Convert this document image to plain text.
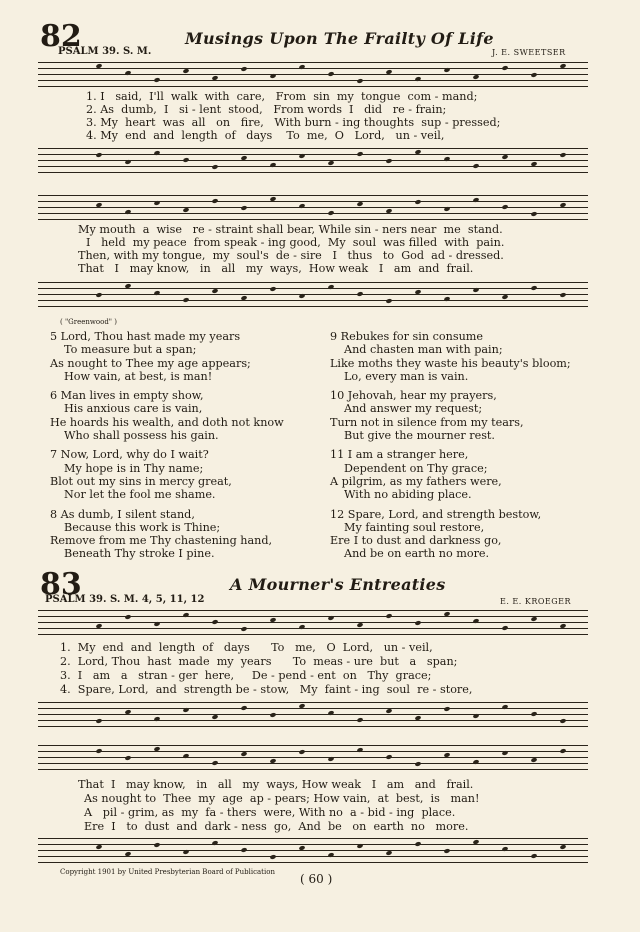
82	Musings Upon The Frailty Of Life
PSALM 39. S. M.	J. E. SWEETSER
1. I   said,  I'll  walk  with  care,   From  sin  my  tongue  com - mand;
2. As  dumb,  I   si - lent  stood,   From words  I   did   re - frain;
3. My  heart  was  all   on   fire,   With burn - ing thoughts  sup - pressed;
4. My  end  and  length  of   days    To  me,  O   Lord,   un - veil,
My mouth  a  wise   re - straint shall bear, While sin - ners near  me  stand.
I   held  my peace  from speak - ing good,  My  soul  was filled  with  pain.
Then, with my tongue,  my  soul's  de - sire   I   thus   to  God  ad - dressed.
That   I   may know,   in   all   my  ways,  How weak   I   am  and  frail.
( "Greenwood" )
5 Lord, Thou hast made my years
To measure but a span;
As nought to Thee my age appears;
How vain, at best, is man!
6 Man lives in empty show,
His anxious care is vain,
He hoards his wealth, and doth not know
Who shall possess his gain.
7 Now, Lord, why do I wait?
My hope is in Thy name;
Blot out my sins in mercy great,
Nor let the fool me shame.
8 As dumb, I silent stand,
Because this work is Thine;
Remove from me Thy chastening hand,
Beneath Thy stroke I pine.
9 Rebukes for sin consume
And chasten man with pain;
Like moths they waste his beauty's bloom;
Lo, every man is vain.
10 Jehovah, hear my prayers,
And answer my request;
Turn not in silence from my tears,
But give the mourner rest.
11 I am a stranger here,
Dependent on Thy grace;
A pilgrim, as my fathers were,
With no abiding place.
12 Spare, Lord, and strength bestow,
My fainting soul restore,
Ere I to dust and darkness go,
And be on earth no more.
83	A Mourner's Entreaties
PSALM 39. S. M. 4, 5, 11, 12	E. E. KROEGER
1.  My  end  and  length  of   days      To   me,   O  Lord,   un - veil,
2.  Lord, Thou  hast  made  my  years      To  meas - ure  but   a   span;
3.  I   am   a   stran - ger  here,     De - pend - ent  on   Thy  grace;
4.  Spare, Lord,  and  strength be - stow,   My  faint - ing  soul  re - store,
That  I   may know,   in   all   my  ways, How weak   I   am   and   frail.
As nought to  Thee  my  age  ap - pears; How vain,  at  best,  is   man!
A   pil - grim, as  my  fa - thers  were, With no  a - bid - ing  place.
Ere  I   to  dust  and  dark - ness  go,  And  be   on  earth  no   more.
Copyright 1901 by United Presbyterian Board of Publication ( 60 )
